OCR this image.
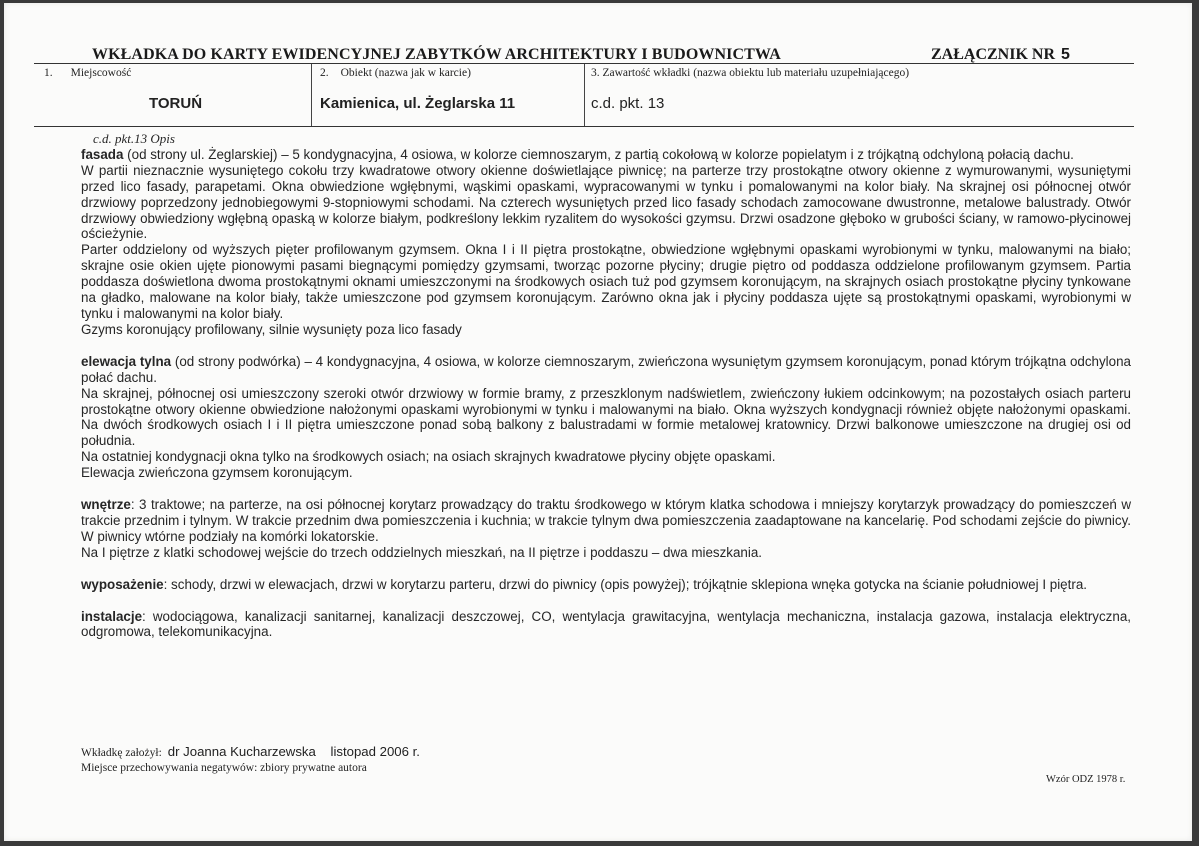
WKŁADKA DO KARTY EWIDENCYJNEJ ZABYTKÓW ARCHITEKTURY I BUDOWNICTWA	ZAŁĄCZNIK NR 5
1. Miejscowość
TORUŃ
2. Obiekt (nazwa jak w karcie)
Kamienica, ul. Żeglarska 11
3. Zawartość wkładki (nazwa obiektu lub materiału uzupełniającego)
c.d. pkt. 13
c.d. pkt.13 Opis

fasada (od strony ul. Żeglarskiej) – 5 kondygnacyjna, 4 osiowa, w kolorze ciemnoszarym, z partią cokołową w kolorze popielatym i z trójkątną odchyloną połacią dachu.

W partii nieznacznie wysuniętego cokołu trzy kwadratowe otwory okienne doświetlające piwnicę; na parterze trzy prostokątne otwory okienne z wymurowanymi, wysuniętymi przed lico fasady, parapetami. Okna obwiedzione wgłębnymi, wąskimi opaskami, wypracowanymi w tynku i pomalowanymi na kolor biały. Na skrajnej osi północnej otwór drzwiowy poprzedzony jednobiegowymi 9-stopniowymi schodami. Na czterech wysuniętych przed lico fasady schodach zamocowane dwustronne, metalowe balustrady. Otwór drzwiowy obwiedziony wgłębną opaską w kolorze białym, podkreślony lekkim ryzalitem do wysokości gzymsu. Drzwi osadzone głęboko w grubości ściany, w ramowo-płycinowej ościeżynie.

Parter oddzielony od wyższych pięter profilowanym gzymsem. Okna I i II piętra prostokątne, obwiedzione wgłębnymi opaskami wyrobionymi w tynku, malowanymi na biało; skrajne osie okien ujęte pionowymi pasami biegnącymi pomiędzy gzymsami, tworząc pozorne płyciny; drugie piętro od poddasza oddzielone profilowanym gzymsem. Partia poddasza doświetlona dwoma prostokątnymi oknami umieszczonymi na środkowych osiach tuż pod gzymsem koronującym, na skrajnych osiach prostokątne płyciny tynkowane na gładko, malowane na kolor biały, także umieszczone pod gzymsem koronującym. Zarówno okna jak i płyciny poddasza ujęte są prostokątnymi opaskami, wyrobionymi w tynku i malowanymi na kolor biały.

Gzyms koronujący profilowany, silnie wysunięty poza lico fasady

elewacja tylna (od strony podwórka) – 4 kondygnacyjna, 4 osiowa, w kolorze ciemnoszarym, zwieńczona wysuniętym gzymsem koronującym, ponad którym trójkątna odchylona połać dachu.

Na skrajnej, północnej osi umieszczony szeroki otwór drzwiowy w formie bramy, z przeszklonym nadświetlem, zwieńczony łukiem odcinkowym; na pozostałych osiach parteru prostokątne otwory okienne obwiedzione nałożonymi opaskami wyrobionymi w tynku i malowanymi na biało. Okna wyższych kondygnacji również objęte nałożonymi opaskami. Na dwóch środkowych osiach I i II piętra umieszczone ponad sobą balkony z balustradami w formie metalowej kratownicy. Drzwi balkonowe umieszczone na drugiej osi od południa.

Na ostatniej kondygnacji okna tylko na środkowych osiach; na osiach skrajnych kwadratowe płyciny objęte opaskami.

Elewacja zwieńczona gzymsem koronującym.

wnętrze: 3 traktowe; na parterze, na osi północnej korytarz prowadzący do traktu środkowego w którym klatka schodowa i mniejszy korytarzyk prowadzący do pomieszczeń w trakcie przednim i tylnym. W trakcie przednim dwa pomieszczenia i kuchnia; w trakcie tylnym dwa pomieszczenia zaadaptowane na kancelarię. Pod schodami zejście do piwnicy. W piwnicy wtórne podziały na komórki lokatorskie.

Na I piętrze z klatki schodowej wejście do trzech oddzielnych mieszkań, na II piętrze i poddaszu – dwa mieszkania.

wyposażenie: schody, drzwi w elewacjach, drzwi w korytarzu parteru, drzwi do piwnicy (opis powyżej); trójkątnie sklepiona wnęka gotycka na ścianie południowej I piętra.

instalacje: wodociągowa, kanalizacji sanitarnej, kanalizacji deszczowej, CO, wentylacja grawitacyjna, wentylacja mechaniczna, instalacja gazowa, instalacja elektryczna, odgromowa, telekomunikacyjna.

Wkładkę założył: dr Joanna Kucharzewska    listopad 2006 r.
Miejsce przechowywania negatywów: zbiory prywatne autora
Wzór ODZ 1978 r.
